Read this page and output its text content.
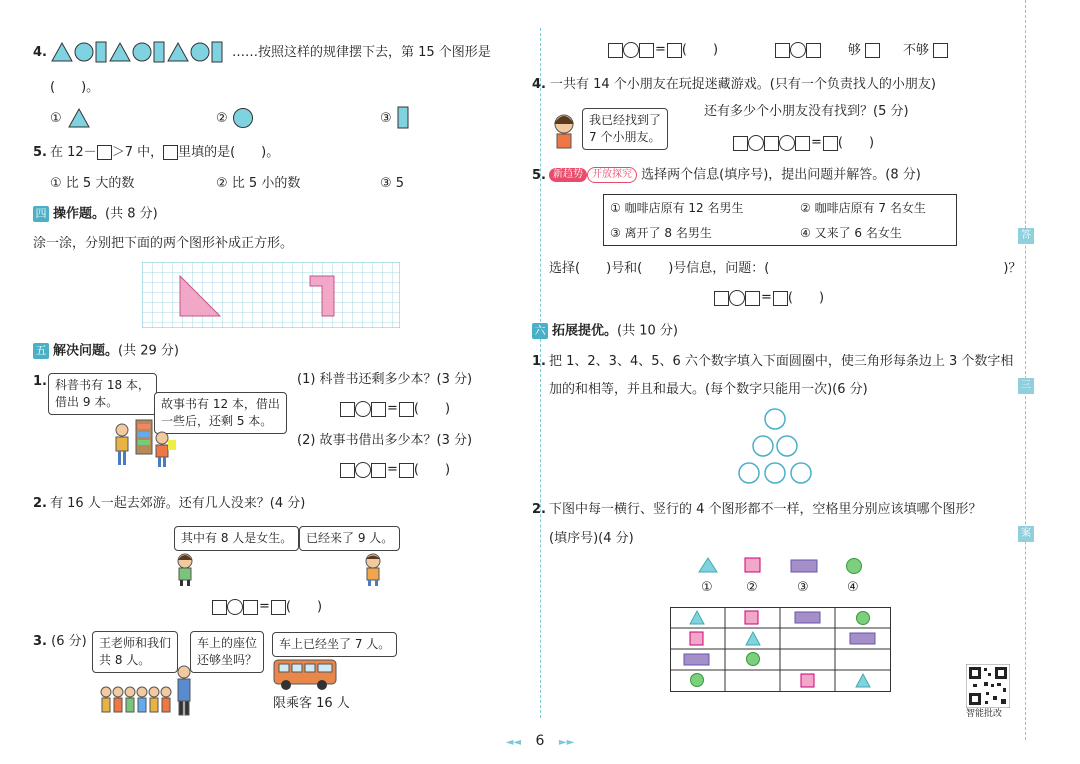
4.	……按照这样的规律摆下去，第 15 个图形是
(　　)。
①	②	③
5. 在 12－ ＞7 中， 里填的是(　　)。
① 比 5 大的数	② 比 5 小的数	③ 5
四 操作题。(共 8 分)
涂一涂，分别把下面的两个图形补成正方形。
五 解决问题。(共 29 分)
1. 科普书有 18 本，
借出 9 本。	故事书有 12 本，借出
一些后，还剩 5 本。
(1) 科普书还剩多少本？(3 分)
= (　　)
(2) 故事书借出多少本？(3 分)
= (　　)
2. 有 16 人一起去郊游。还有几人没来？(4 分)
其中有 8 人是女生。	已经来了 9 人。
= (　　)
3. (6 分) 王老师和我们
共 8 人。
车上的座位
还够坐吗？
车上已经坐了 7 人。
限乘客 16 人
= (　　)	够	不够
4. 一共有 14 个小朋友在玩捉迷藏游戏。(只有一个负责找人的小朋友)
我已经找到了
7 个小朋友。
还有多少个小朋友没有找到？(5 分)
= (　　)
5. 新趋势 开放探究 选择两个信息(填序号)，提出问题并解答。(8 分)
① 咖啡店原有 12 名男生	② 咖啡店原有 7 名女生
③ 离开了 8 名男生	④ 又来了 6 名女生
选择(　　)号和(　　)号信息，问题：(　　　　　　　　　　　　　　　　　　)？
= (　　)
六 拓展提优。(共 10 分)
1. 把 1、2、3、4、5、6 六个数字填入下面圆圈中，使三角形每条边上 3 个数字相
加的和相等，并且和最大。(每个数字只能用一次)(6 分)
2. 下图中每一横行、竖行的 4 个图形都不一样，空格里分别应该填哪个图形？
(填序号)(4 分)
①	②	③	④
智能批改
答
三
案
◄◄ 6 ►►
